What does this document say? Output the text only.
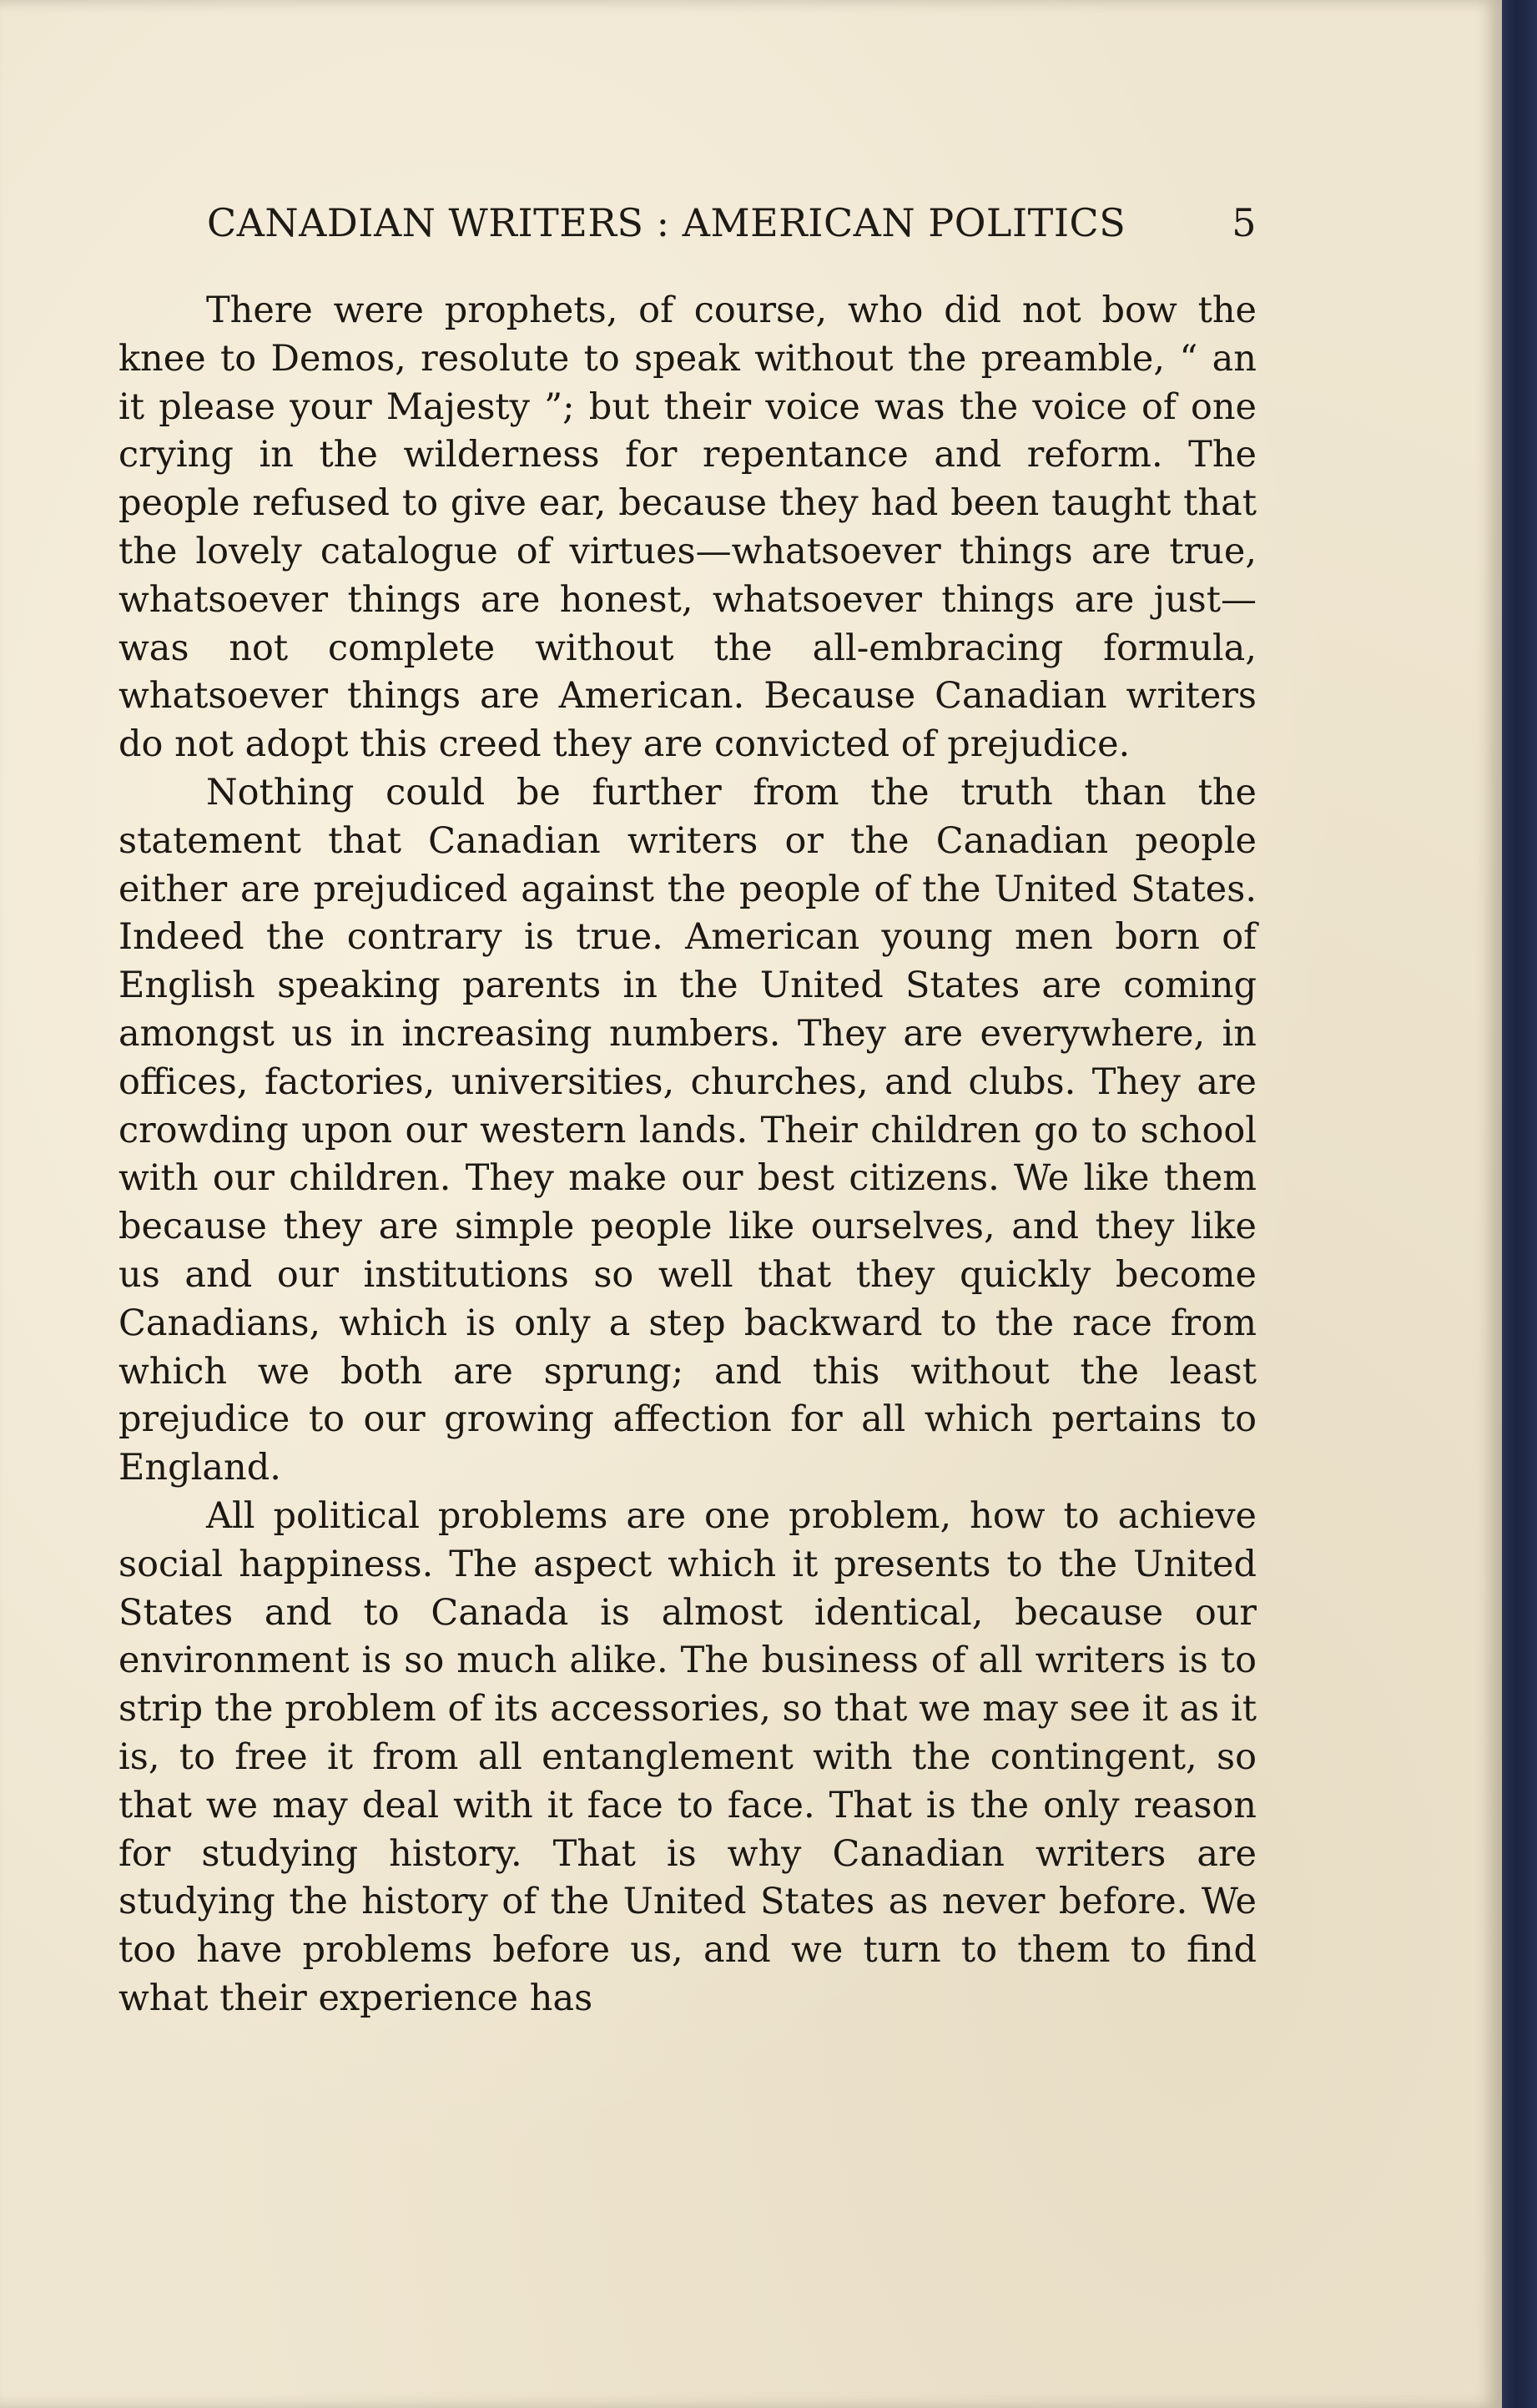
CANADIAN WRITERS : AMERICAN POLITICS	5

There were prophets, of course, who did not bow the knee to Demos, resolute to speak without the preamble, “ an it please your Majesty ”; but their voice was the voice of one crying in the wilderness for repentance and reform. The people refused to give ear, because they had been taught that the lovely catalogue of virtues—whatsoever things are true, whatsoever things are honest, whatsoever things are just—was not complete without the all-embracing formula, whatsoever things are American. Because Canadian writers do not adopt this creed they are convicted of prejudice.

Nothing could be further from the truth than the statement that Canadian writers or the Canadian people either are prejudiced against the people of the United States. Indeed the contrary is true. American young men born of English speaking parents in the United States are coming amongst us in increasing numbers. They are everywhere, in offices, factories, universities, churches, and clubs. They are crowding upon our western lands. Their children go to school with our children. They make our best citizens. We like them because they are simple people like ourselves, and they like us and our institutions so well that they quickly become Canadians, which is only a step backward to the race from which we both are sprung; and this without the least prejudice to our growing affection for all which pertains to England.

All political problems are one problem, how to achieve social happiness. The aspect which it presents to the United States and to Canada is almost identical, because our environment is so much alike. The business of all writers is to strip the problem of its accessories, so that we may see it as it is, to free it from all entanglement with the contingent, so that we may deal with it face to face. That is the only reason for studying history. That is why Canadian writers are studying the history of the United States as never before. We too have problems before us, and we turn to them to find what their experience has
